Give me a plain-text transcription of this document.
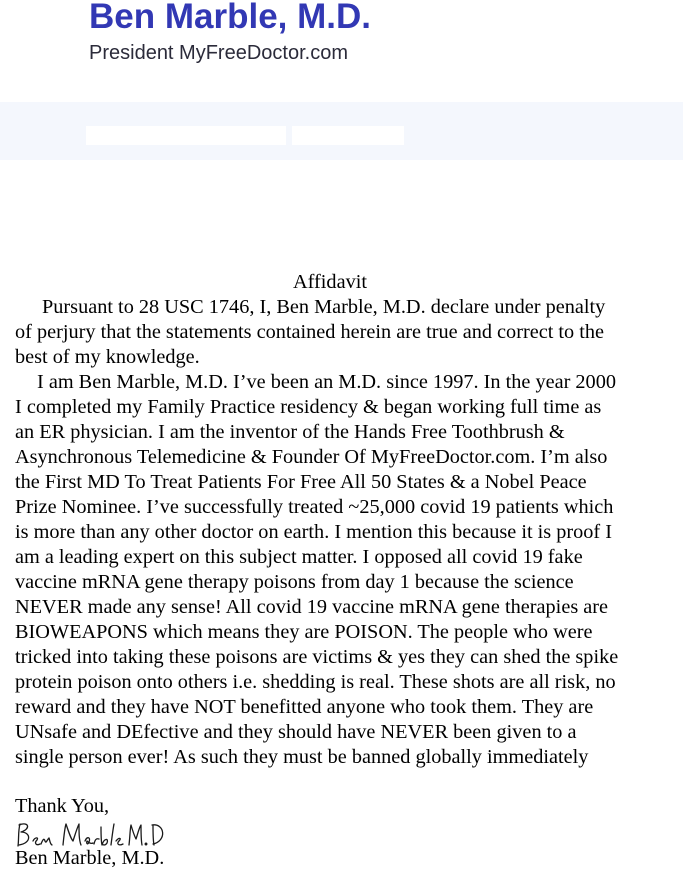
Ben Marble, M.D.

President MyFreeDoctor.com

Affidavit

Pursuant to 28 USC 1746, I, Ben Marble, M.D. declare under penalty

of perjury that the statements contained herein are true and correct to the

best of my knowledge.

I am Ben Marble, M.D. I’ve been an M.D. since 1997. In the year 2000

I completed my Family Practice residency & began working full time as

an ER physician. I am the inventor of the Hands Free Toothbrush &

Asynchronous Telemedicine & Founder Of MyFreeDoctor.com. I’m also

the First MD To Treat Patients For Free All 50 States & a Nobel Peace

Prize Nominee. I’ve successfully treated ~25,000 covid 19 patients which

is more than any other doctor on earth. I mention this because it is proof I

am a leading expert on this subject matter. I opposed all covid 19 fake

vaccine mRNA gene therapy poisons from day 1 because the science

NEVER made any sense! All covid 19 vaccine mRNA gene therapies are

BIOWEAPONS which means they are POISON. The people who were

tricked into taking these poisons are victims & yes they can shed the spike

protein poison onto others i.e. shedding is real. These shots are all risk, no

reward and they have NOT benefitted anyone who took them. They are

UNsafe and DEfective and they should have NEVER been given to a

single person ever! As such they must be banned globally immediately

Thank You,

Ben Marble, M.D.
